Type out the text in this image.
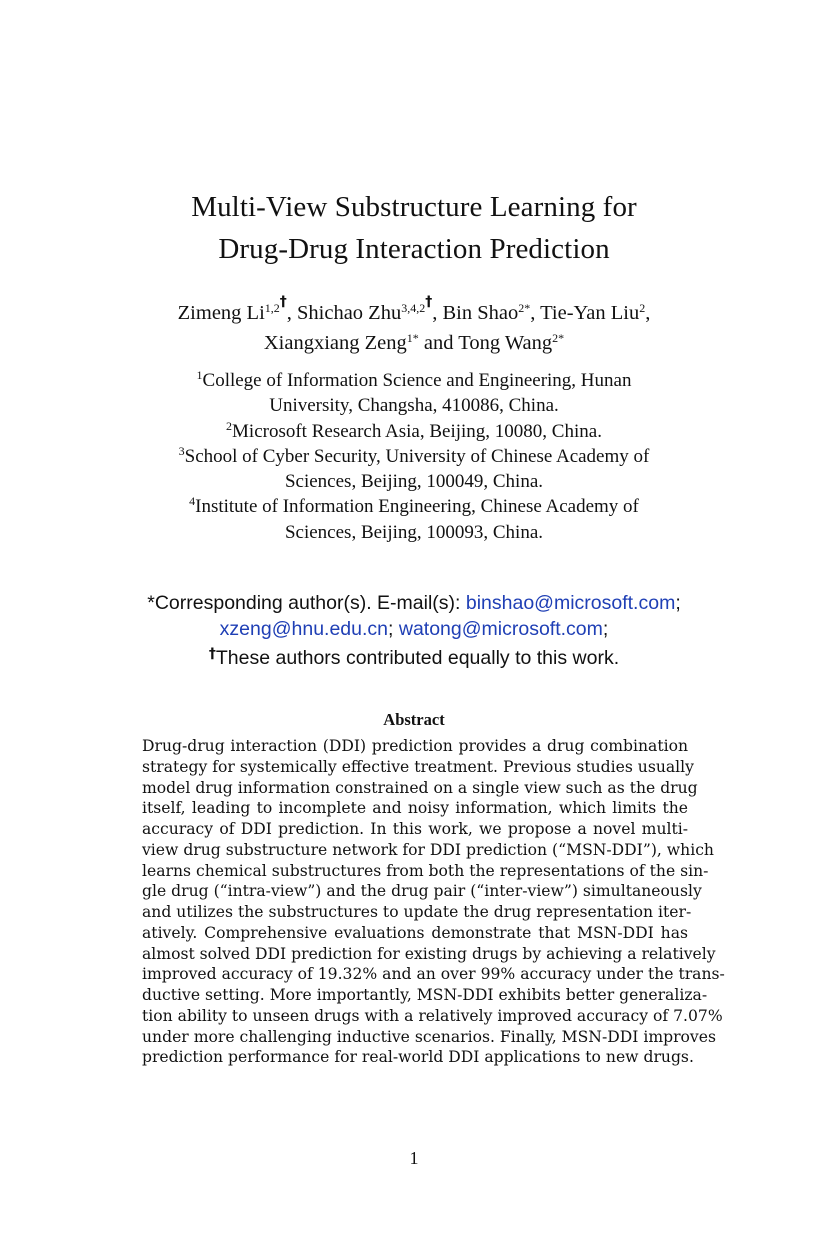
Multi-View Substructure Learning for
Drug-Drug Interaction Prediction
Zimeng $Li^{1,2\dagger}$, Shichao Zhu$^{3,4,2\dagger}$, Bin Shao$^{2*}$, Tie-Yan Liu$^2$,
Xiangxiang Zeng$^{1*}$ and Tong Wang$^{2*}$
$^1$College of Information Science and Engineering, Hunan
University, Changsha, 410086, China.
$^2$Microsoft Research Asia, Beijing, 10080, China.
$^3$School of Cyber Security, University of Chinese Academy of
Sciences, Beijing, 100049, China.
$^4$Institute of Information Engineering, Chinese Academy of
Sciences, Beijing, 100093, China.
*Corresponding author(s). E-mail(s): binshao@microsoft.com;
xzeng@hnu.edu.cn; watong@microsoft.com;
†These authors contributed equally to this work.
Abstract
Drug-drug interaction (DDI) prediction provides a drug combination
strategy for systemically effective treatment. Previous studies usually
model drug information constrained on a single view such as the drug
itself, leading to incomplete and noisy information, which limits the
accuracy of DDI prediction. In this work, we propose a novel multi-
view drug substructure network for DDI prediction (“MSN-DDI”), which
learns chemical substructures from both the representations of the sin-
gle drug (“intra-view”) and the drug pair (“inter-view”) simultaneously
and utilizes the substructures to update the drug representation iter-
atively. Comprehensive evaluations demonstrate that MSN-DDI has
almost solved DDI prediction for existing drugs by achieving a relatively
improved accuracy of 19.32% and an over 99% accuracy under the trans-
ductive setting. More importantly, MSN-DDI exhibits better generaliza-
tion ability to unseen drugs with a relatively improved accuracy of 7.07%
under more challenging inductive scenarios. Finally, MSN-DDI improves
prediction performance for real-world DDI applications to new drugs.
1
